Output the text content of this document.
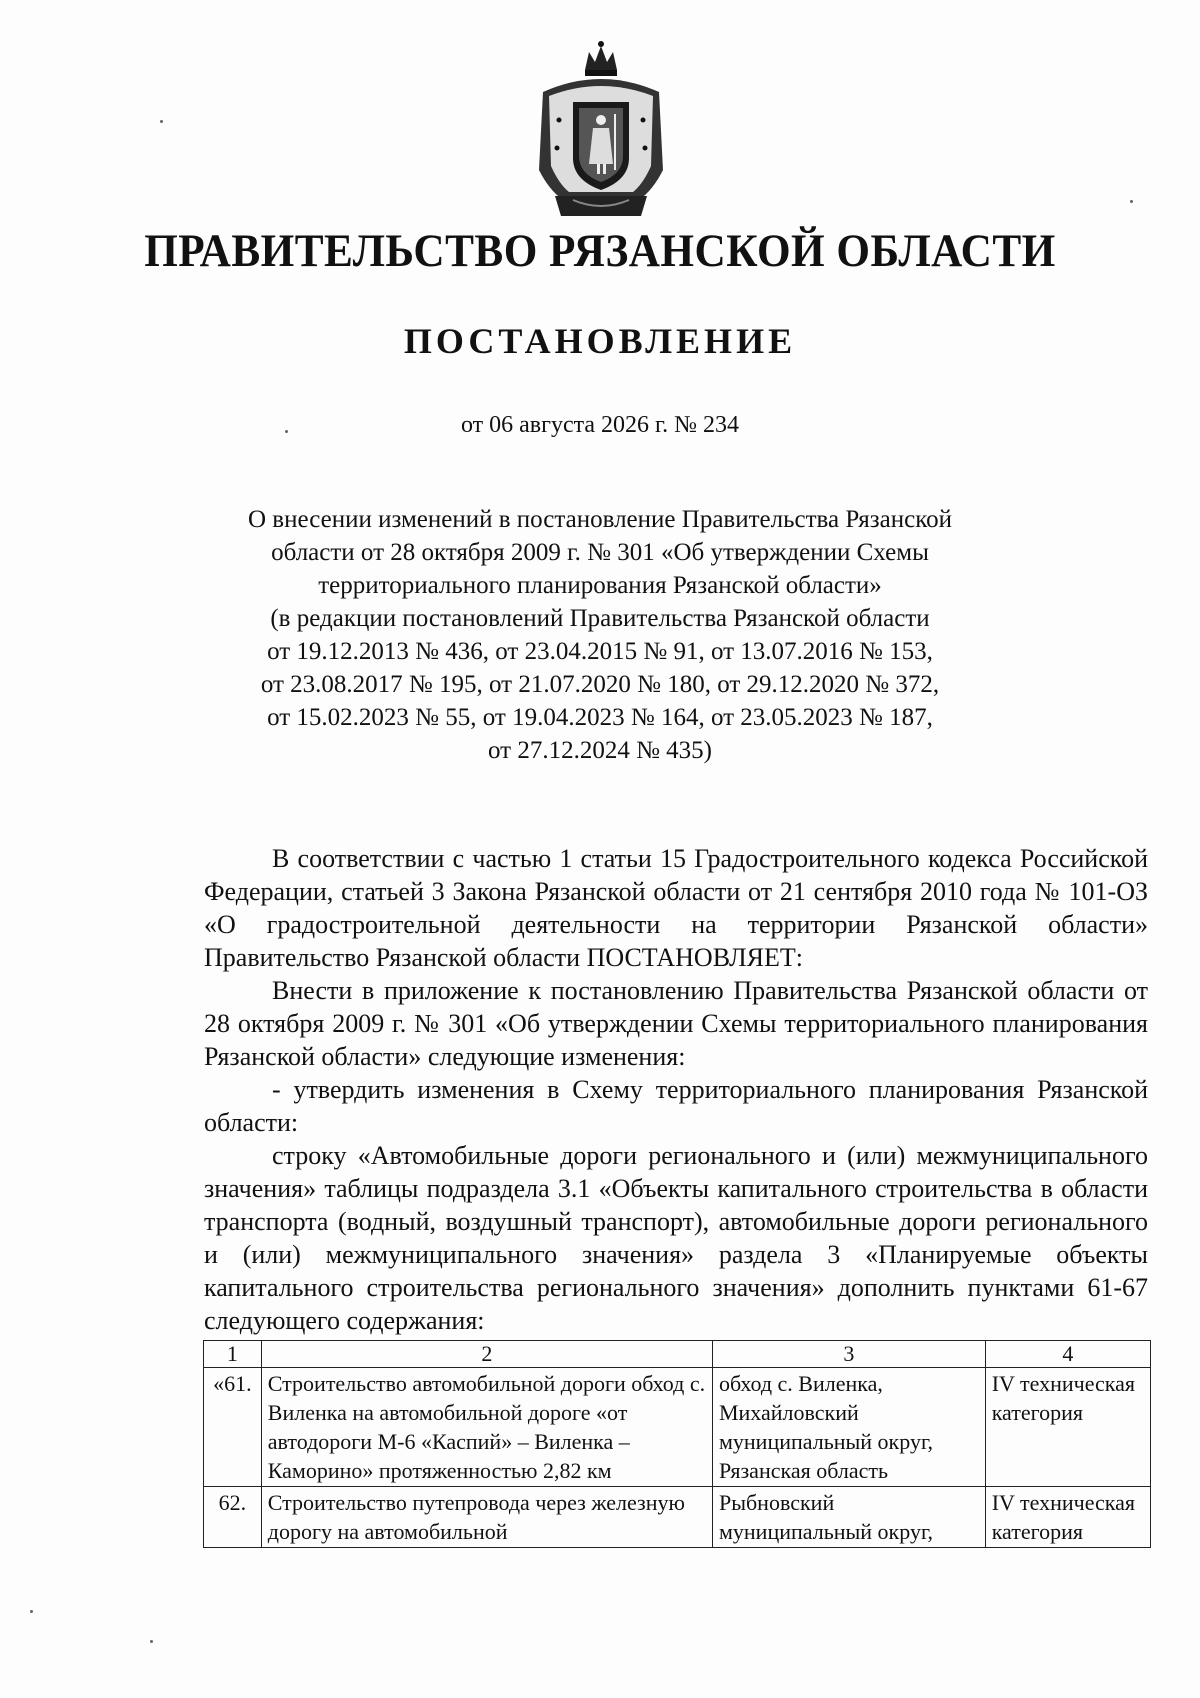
ПРАВИТЕЛЬСТВО РЯЗАНСКОЙ ОБЛАСТИ
ПОСТАНОВЛЕНИЕ
от 06 августа 2026 г. № 234
О внесении изменений в постановление Правительства Рязанской
области от 28 октября 2009 г. № 301 «Об утверждении Схемы
территориального планирования Рязанской области»
(в редакции постановлений Правительства Рязанской области
от 19.12.2013 № 436, от 23.04.2015 № 91, от 13.07.2016 № 153,
от 23.08.2017 № 195, от 21.07.2020 № 180, от 29.12.2020 № 372,
от 15.02.2023 № 55, от 19.04.2023 № 164, от 23.05.2023 № 187,
от 27.12.2024 № 435)

В соответствии с частью 1 статьи 15 Градостроительного кодекса Российской Федерации, статьей 3 Закона Рязанской области от 21 сентября 2010 года № 101-ОЗ «О градостроительной деятельности на территории Рязанской области» Правительство Рязанской области ПОСТАНОВЛЯЕТ:

Внести в приложение к постановлению Правительства Рязанской области от 28 октября 2009 г. № 301 «Об утверждении Схемы территориального планирования Рязанской области» следующие изменения:

- утвердить изменения в Схему территориального планирования Рязанской области:

строку «Автомобильные дороги регионального и (или) межмуниципального значения» таблицы подраздела 3.1 «Объекты капитального строительства в области транспорта (водный, воздушный транспорт), автомобильные дороги регионального и (или) межмуниципального значения» раздела 3 «Планируемые объекты капитального строительства регионального значения» дополнить пунктами 61-67 следующего содержания:

1	2	3	4
«61.	Строительство автомобильной дороги обход с. Виленка на автомобильной дороге «от автодороги М-6 «Каспий» – Виленка – Каморино» протяженностью 2,82 км	обход с. Виленка, Михайловский муниципальный округ, Рязанская область	IV техническая категория
62.	Строительство путепровода через железную дорогу на автомобильной	Рыбновский муниципальный округ,	IV техническая категория
